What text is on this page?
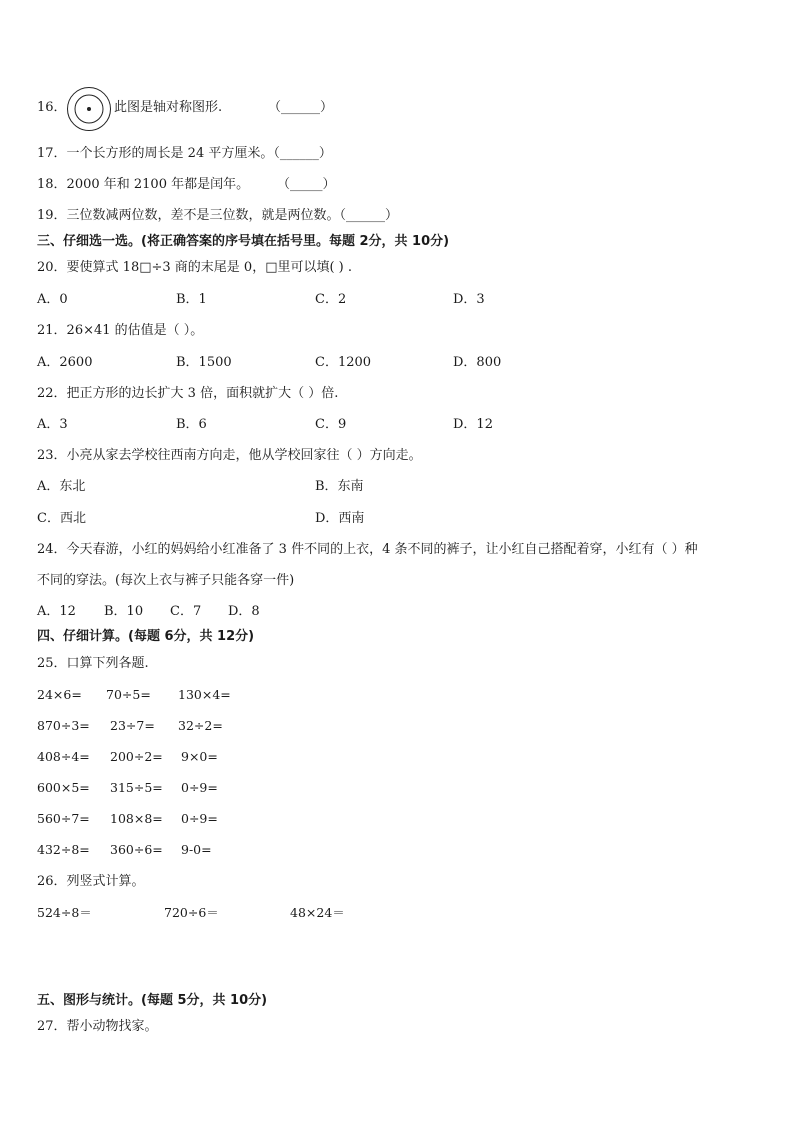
16．	此图是轴对称图形.	（______）
17．一个长方形的周长是 24 平方厘米。（______）
18．2000 年和 2100 年都是闰年。 （_____）
19．三位数减两位数，差不是三位数，就是两位数。（______）
三、仔细选一选。(将正确答案的序号填在括号里。每题 2分，共 10分)
20．要使算式 18□÷3 商的末尾是 0，□里可以填( ) .
A．0	B．1	C．2	D．3
21．26×41 的估值是（ ）。
A．2600	B．1500	C．1200	D．800
22．把正方形的边长扩大 3 倍，面积就扩大（ ）倍.
A．3	B．6	C．9	D．12
23．小亮从家去学校往西南方向走，他从学校回家往（ ）方向走。
A．东北	B．东南
C．西北	D．西南
24．今天春游，小红的妈妈给小红准备了 3 件不同的上衣，4 条不同的裤子，让小红自己搭配着穿，小红有（ ）种
不同的穿法。(每次上衣与裤子只能各穿一件)
A．12 B．10 C．7 D．8
四、仔细计算。(每题 6分，共 12分)
25．口算下列各题.
24×6= 70÷5= 130×4=
870÷3= 23÷7= 32÷2=
408÷4= 200÷2= 9×0=
600×5= 315÷5= 0÷9=
560÷7= 108×8= 0÷9=
432÷8= 360÷6= 9-0=
26．列竖式计算。
524÷8＝	720÷6＝	48×24＝
五、图形与统计。(每题 5分，共 10分)
27．帮小动物找家。
